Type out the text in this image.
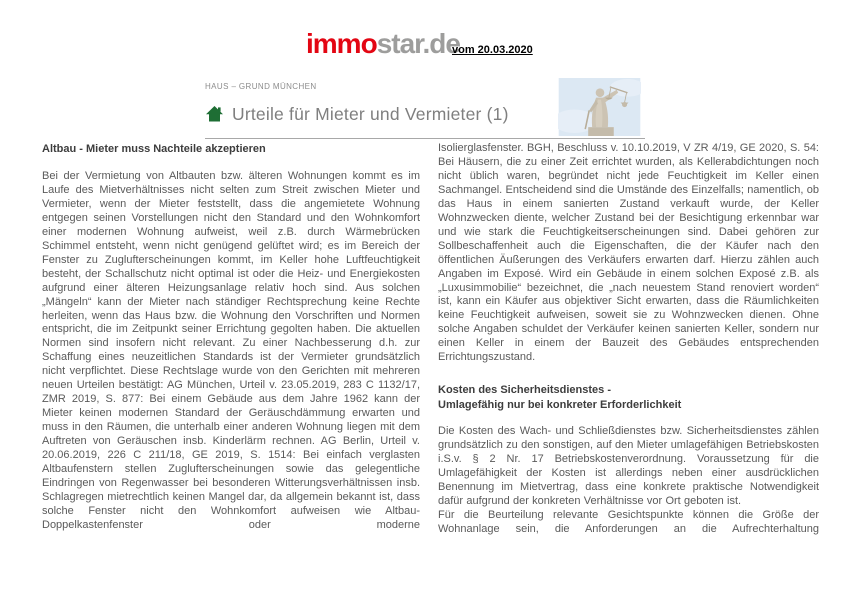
immostar.de
vom 20.03.2020
HAUS – GRUND MÜNCHEN
Urteile für Mieter und Vermieter (1)
Altbau - Mieter muss Nachteile akzeptieren

Bei der Vermietung von Altbauten bzw. älteren Wohnungen kommt es im Laufe des Mietverhältnisses nicht selten zum Streit zwischen Mieter und Vermieter, wenn der Mieter feststellt, dass die angemietete Wohnung entgegen seinen Vorstellungen nicht den Standard und den Wohnkomfort einer modernen Wohnung aufweist, weil z.B. durch Wärmebrücken Schimmel entsteht, wenn nicht genügend gelüftet wird; es im Bereich der Fenster zu Zuglufterscheinungen kommt, im Keller hohe Luftfeuchtigkeit besteht, der Schallschutz nicht optimal ist oder die Heiz- und Energiekosten aufgrund einer älteren Heizungsanlage relativ hoch sind. Aus solchen „Mängeln“ kann der Mieter nach ständiger Rechtsprechung keine Rechte herleiten, wenn das Haus bzw. die Wohnung den Vorschriften und Normen entspricht, die im Zeitpunkt seiner Errichtung gegolten haben. Die aktuellen Normen sind insofern nicht relevant. Zu einer Nachbesserung d.h. zur Schaffung eines neuzeitlichen Standards ist der Vermieter grundsätzlich nicht verpflichtet. Diese Rechtslage wurde von den Gerichten mit mehreren neuen Urteilen bestätigt: AG München, Urteil v. 23.05.2019, 283 C 1132/17, ZMR 2019, S. 877: Bei einem Gebäude aus dem Jahre 1962 kann der Mieter keinen modernen Standard der Geräuschdämmung erwarten und muss in den Räumen, die unterhalb einer anderen Wohnung liegen mit dem Auftreten von Geräuschen insb. Kinderlärm rechnen. AG Berlin, Urteil v. 20.06.2019, 226 C 211/18, GE 2019, S. 1514: Bei einfach verglasten Altbaufenstern stellen Zuglufterscheinungen sowie das gelegentliche Eindringen von Regenwasser bei besonderen Witterungsverhältnissen insb. Schlagregen mietrechtlich keinen Mangel dar, da allgemein bekannt ist, dass solche Fenster nicht den Wohnkomfort aufweisen wie Altbau-Doppelkastenfenster oder moderne

Isolierglasfenster. BGH, Beschluss v. 10.10.2019, V ZR 4/19, GE 2020, S. 54: Bei Häusern, die zu einer Zeit errichtet wurden, als Kellerabdichtungen noch nicht üblich waren, begründet nicht jede Feuchtigkeit im Keller einen Sachmangel. Entscheidend sind die Umstände des Einzelfalls; namentlich, ob das Haus in einem sanierten Zustand verkauft wurde, der Keller Wohnzwecken diente, welcher Zustand bei der Besichtigung erkennbar war und wie stark die Feuchtigkeitserscheinungen sind. Dabei gehören zur Sollbeschaffenheit auch die Eigenschaften, die der Käufer nach den öffentlichen Äußerungen des Verkäufers erwarten darf. Hierzu zählen auch Angaben im Exposé. Wird ein Gebäude in einem solchen Exposé z.B. als „Luxusimmobilie“ bezeichnet, die „nach neuestem Stand renoviert worden“ ist, kann ein Käufer aus objektiver Sicht erwarten, dass die Räumlichkeiten keine Feuchtigkeit aufweisen, soweit sie zu Wohnzwecken dienen. Ohne solche Angaben schuldet der Verkäufer keinen sanierten Keller, sondern nur einen Keller in einem der Bauzeit des Gebäudes entsprechenden Errichtungszustand.

Kosten des Sicherheitsdienstes -
Umlagefähig nur bei konkreter Erforderlichkeit

Die Kosten des Wach- und Schließdienstes bzw. Sicherheitsdienstes zählen grundsätzlich zu den sonstigen, auf den Mieter umlagefähigen Betriebskosten i.S.v. § 2 Nr. 17 Betriebskostenverordnung. Voraussetzung für die Umlagefähigkeit der Kosten ist allerdings neben einer ausdrücklichen Benennung im Mietvertrag, dass eine konkrete praktische Notwendigkeit dafür aufgrund der konkreten Verhältnisse vor Ort geboten ist.

Für die Beurteilung relevante Gesichtspunkte können die Größe der Wohnanlage sein, die Anforderungen an die Aufrechterhaltung
